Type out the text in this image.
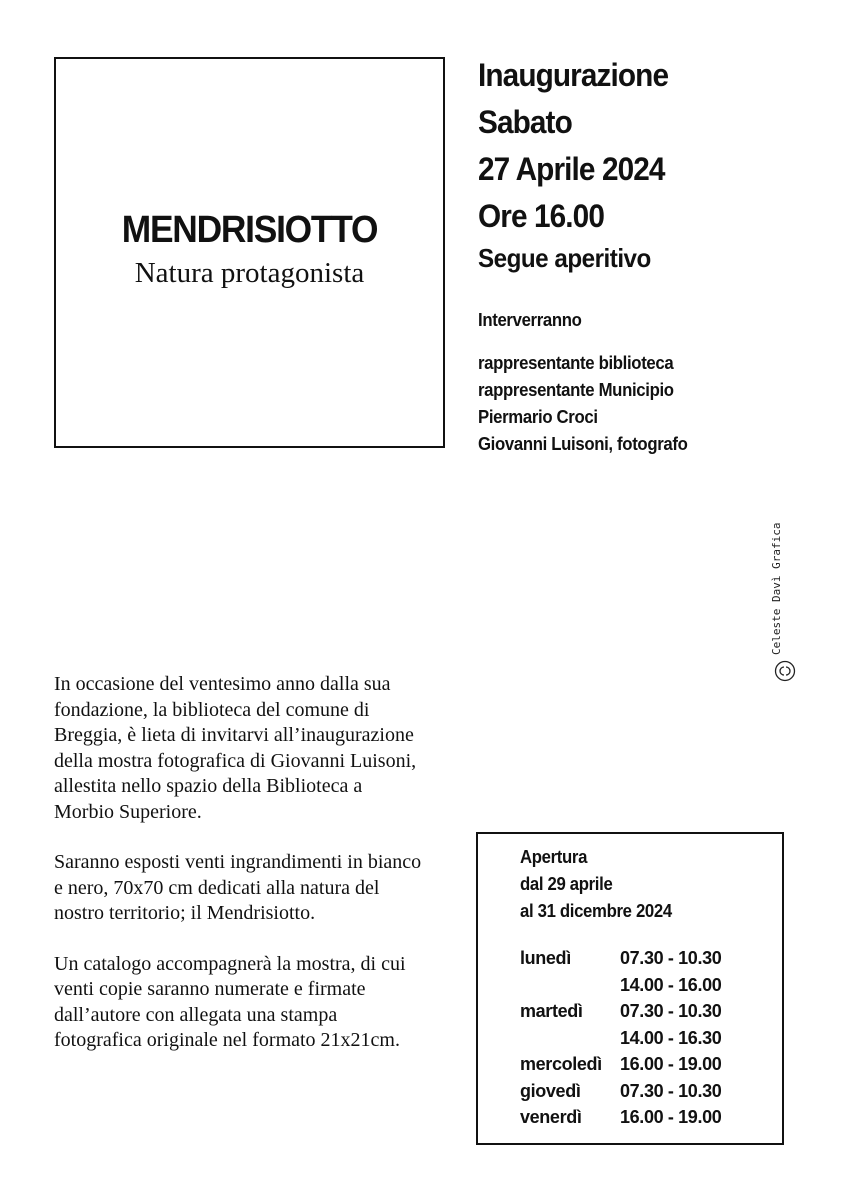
MENDRISIOTTO
Natura protagonista
Inaugurazione
Sabato
27 Aprile 2024
Ore 16.00
Segue aperitivo
Interverranno
rappresentante biblioteca
rappresentante Municipio
Piermario Croci
Giovanni Luisoni, fotografo
Celeste Davì Grafica

In occasione del ventesimo anno dalla sua fondazione, la biblioteca del comune di Breggia, è lieta di invitarvi all’inaugurazione della mostra fotografica di Giovanni Luisoni, allestita nello spazio della Biblioteca a Morbio Superiore.

Saranno esposti venti ingrandimenti in bianco e nero, 70x70 cm dedicati alla natura del nostro territorio; il Mendrisiotto.

Un catalogo accompagnerà la mostra, di cui venti copie saranno numerate e firmate dall’autore con allegata una stampa fotografica originale nel formato 21x21cm.

Apertura
dal 29 aprile
al 31 dicembre 2024
lunedì	07.30 - 10.30
14.00 - 16.00
martedì	07.30 - 10.30
14.00 - 16.30
mercoledì	16.00 - 19.00
giovedì	07.30 - 10.30
venerdì	16.00 - 19.00
